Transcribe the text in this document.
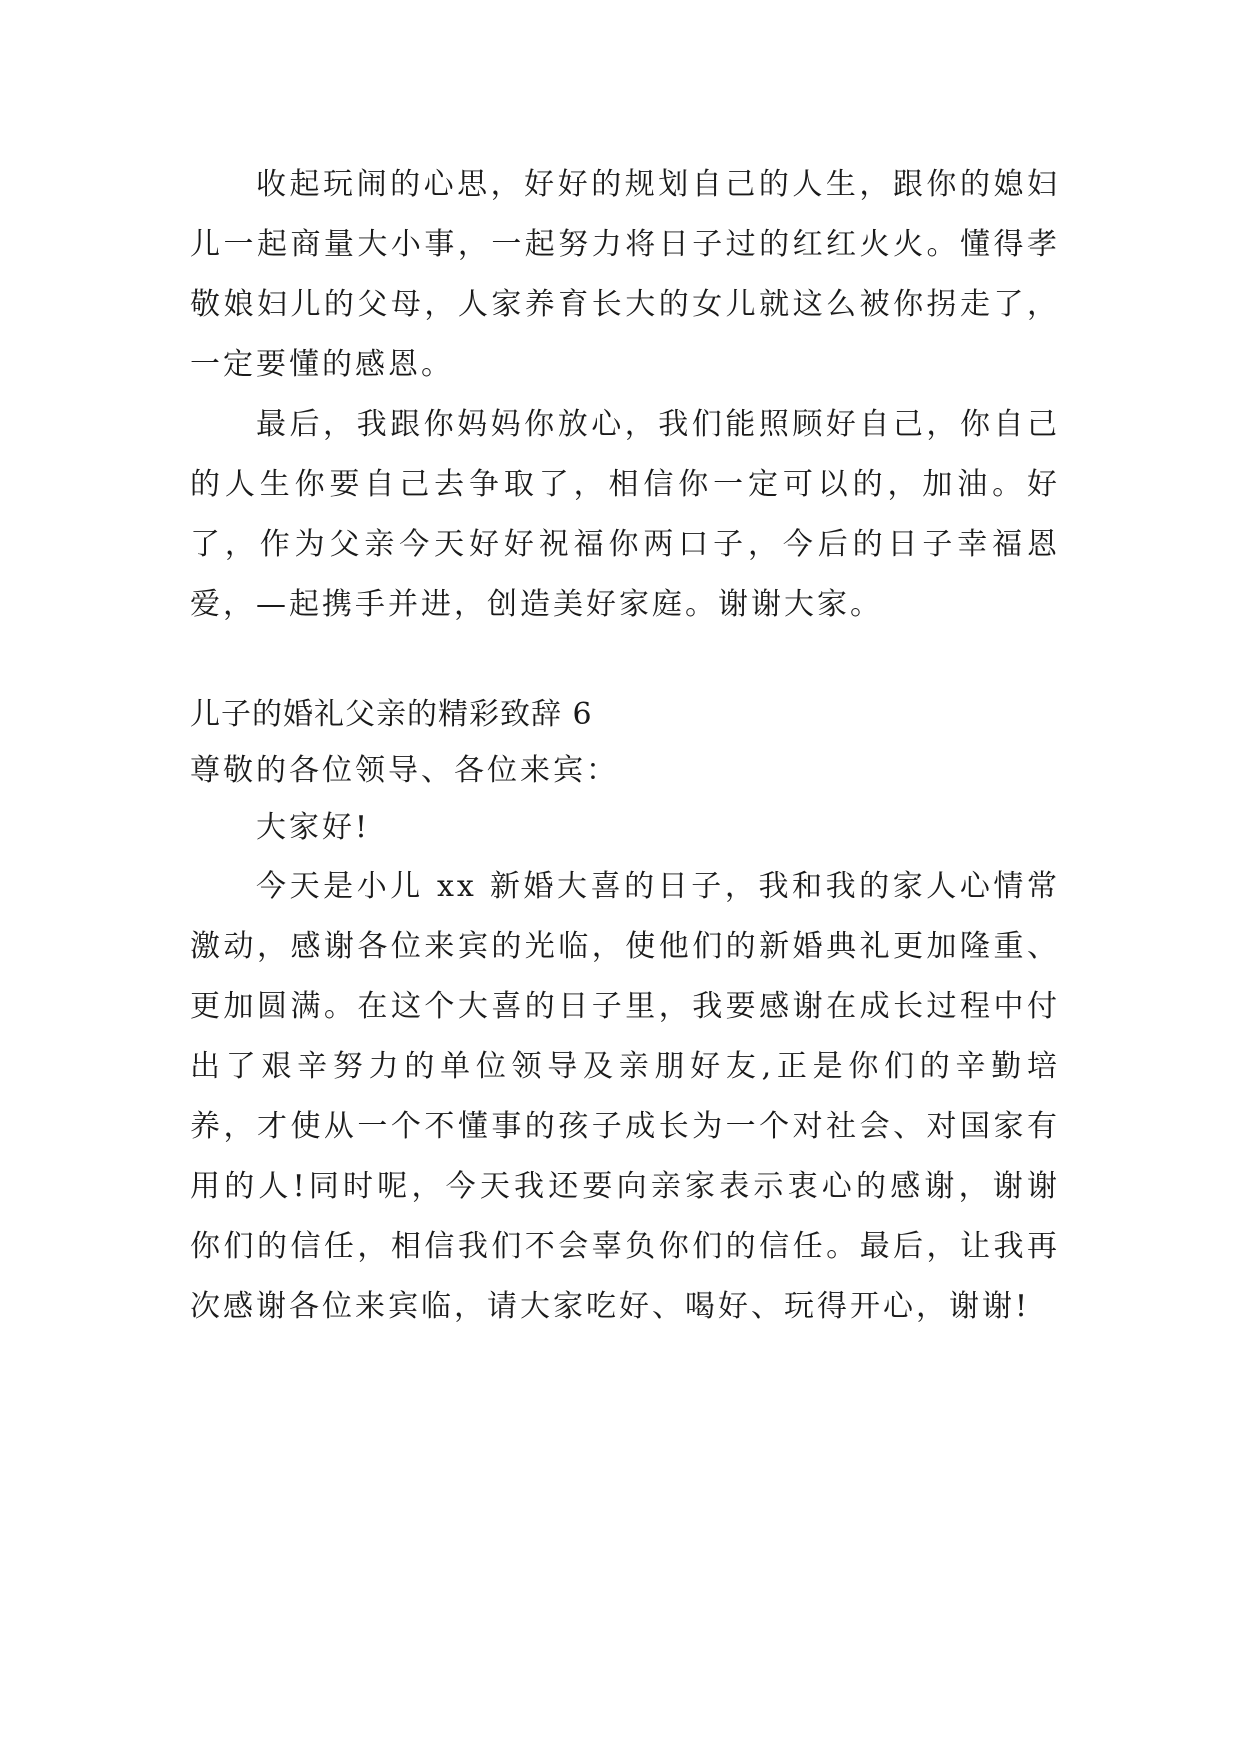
收起玩闹的心思，好好的规划自己的人生，跟你的媳妇儿一起商量大小事，一起努力将日子过的红红火火。懂得孝敬娘妇儿的父母，人家养育长大的女儿就这么被你拐走了，一定要懂的感恩。

最后，我跟你妈妈你放心，我们能照顾好自己，你自己的人生你要自己去争取了，相信你一定可以的，加油。好了，作为父亲今天好好祝福你两口子，今后的日子幸福恩爱，—起携手并进，创造美好家庭。谢谢大家。

儿子的婚礼父亲的精彩致辞 6

尊敬的各位领导、各位来宾：

大家好!

今天是小儿 xx 新婚大喜的日子，我和我的家人心情常激动，感谢各位来宾的光临，使他们的新婚典礼更加隆重、更加圆满。在这个大喜的日子里，我要感谢在成长过程中付出了艰辛努力的单位领导及亲朋好友,正是你们的辛勤培养，才使从一个不懂事的孩子成长为一个对社会、对国家有用的人!同时呢，今天我还要向亲家表示衷心的感谢，谢谢你们的信任，相信我们不会辜负你们的信任。最后，让我再次感谢各位来宾临，请大家吃好、喝好、玩得开心，谢谢!
